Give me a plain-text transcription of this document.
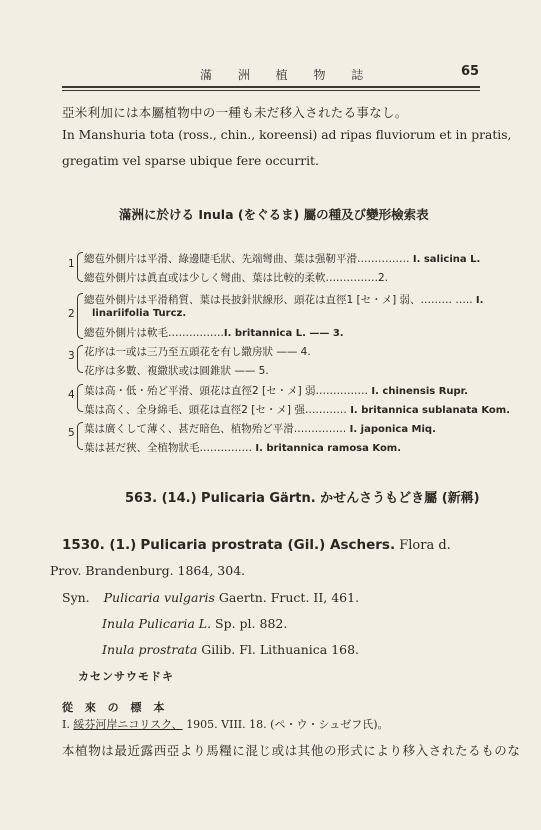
滿 洲 植 物 誌	65
亞米利加には本屬植物中の一種も未だ移入されたる事なし。
In Manshuria tota (ross., chin., koreensi) ad ripas fluviorum et in pratis,
gregatim vel sparse ubique fere occurrit.
滿洲に於ける Inula (をぐるま) 屬の種及び變形檢索表
1
2
3
4
5
總苞外側片は平滑、綠邊睫毛狀、先端彎曲、葉は强靭平滑…………… I. salicina L.
總苞外側片は眞直或は少しく彎曲、葉は比較的柔軟……………2.
總苞外側片は平滑稍質、葉は長披針狀線形、頭花は直徑1 [セ・メ] 弱、……… ….. I.
linariifolia Turcz.
總苞外側片は軟毛…………….I. britannica L. —— 3.
花序は一或は三乃至五頭花を有し繖房狀 —— 4.
花序は多數、複繖狀或は圓錐狀 —— 5.
葉は高・低・殆ど平滑、頭花は直徑2 [セ・メ] 弱…………… I. chinensis Rupr.
葉は高く、全身綿毛、頭花は直徑2 [セ・メ] 强………… I. britannica sublanata Kom.
葉は廣くして薄く、甚だ暗色、植物殆ど平滑…………… I. japonica Miq.
葉は甚だ狹、全植物狀毛…………… I. britannica ramosa Kom.
563. (14.) Pulicaria Gärtn. かせんさうもどき屬 (新稱)
1530. (1.) Pulicaria prostrata (Gil.) Aschers. Flora d.
Prov. Brandenburg. 1864, 304.
Syn. Pulicaria vulgaris Gaertn. Fruct. II, 461.
Inula Pulicaria L. Sp. pl. 882.
Inula prostrata Gilib. Fl. Lithuanica 168.
カセンサウモドキ
從 來 の 標 本
I. 綏芬河岸ニコリスク、 1905. VIII. 18. (ペ・ウ・シュゼフ氏)。
本植物は最近露西亞より馬糧に混じ或は其他の形式により移入されたるものな
